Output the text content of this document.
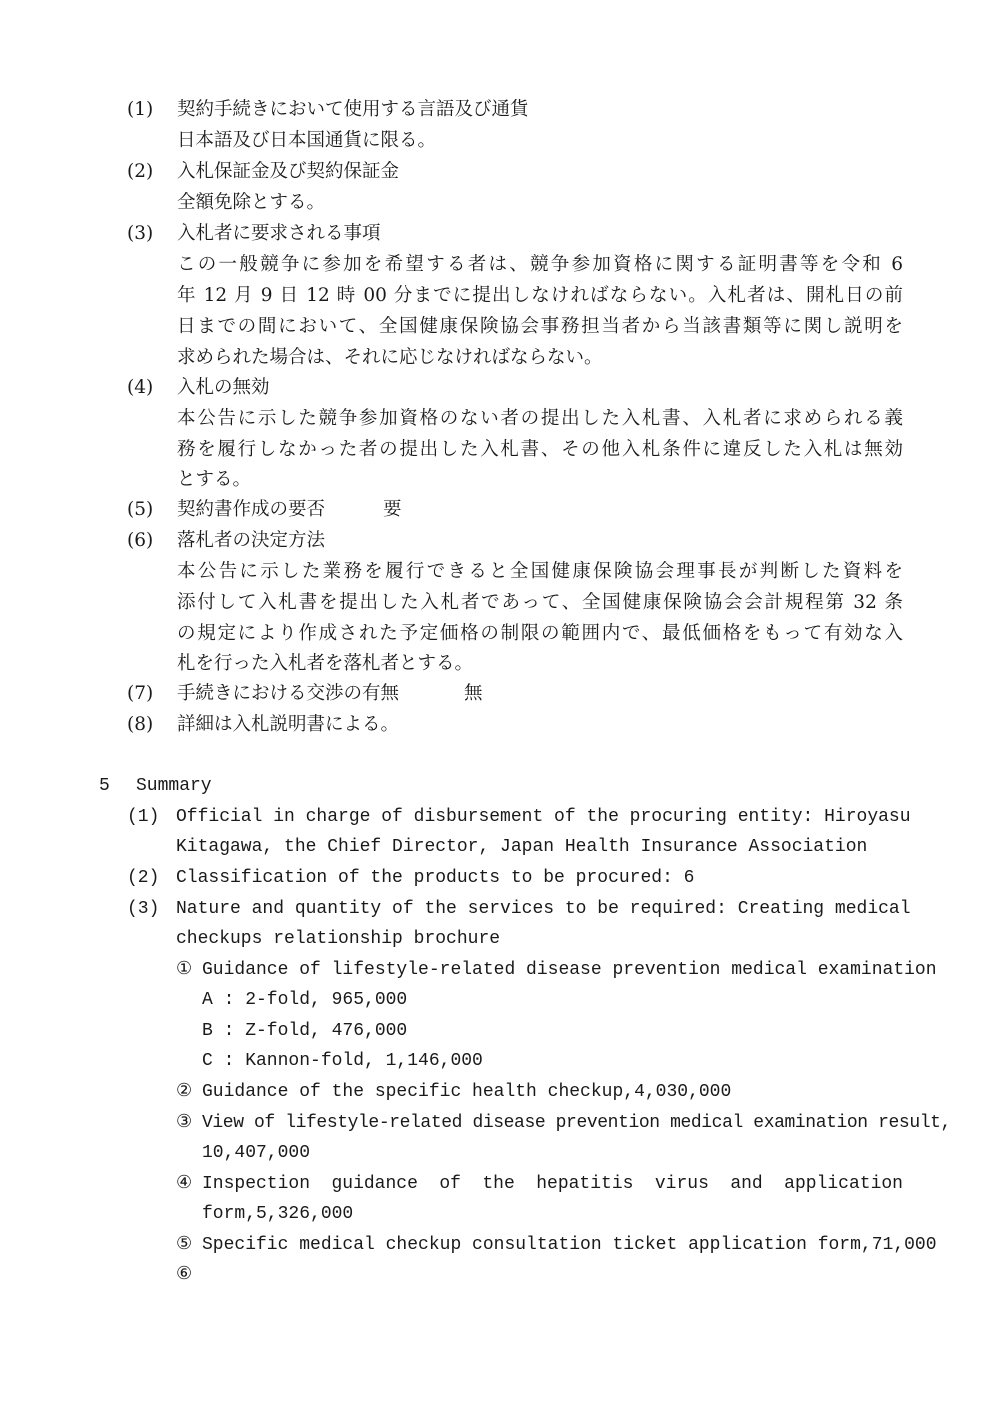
(1) 契約手続きにおいて使用する言語及び通貨
日本語及び日本国通貨に限る。
(2) 入札保証金及び契約保証金
全額免除とする。
(3) 入札者に要求される事項
この一般競争に参加を希望する者は、競争参加資格に関する証明書等を令和 6
年 12 月 9 日 12 時 00 分までに提出しなければならない。入札者は、開札日の前
日までの間において、全国健康保険協会事務担当者から当該書類等に関し説明を
求められた場合は、それに応じなければならない。
(4) 入札の無効
本公告に示した競争参加資格のない者の提出した入札書、入札者に求められる義
務を履行しなかった者の提出した入札書、その他入札条件に違反した入札は無効
とする。
(5) 契約書作成の要否	要
(6) 落札者の決定方法
本公告に示した業務を履行できると全国健康保険協会理事長が判断した資料を
添付して入札書を提出した入札者であって、全国健康保険協会会計規程第 32 条
の規定により作成された予定価格の制限の範囲内で、最低価格をもって有効な入
札を行った入札者を落札者とする。
(7) 手続きにおける交渉の有無	無
(8) 詳細は入札説明書による。
5 Summary
(1) Official in charge of disbursement of the procuring entity: Hiroyasu
Kitagawa, the Chief Director, Japan Health Insurance Association
(2) Classification of the products to be procured: 6
(3) Nature and quantity of the services to be required: Creating medical
checkups relationship brochure
① Guidance of lifestyle-related disease prevention medical examination
A : 2-fold, 965,000
B : Z-fold, 476,000
C : Kannon-fold, 1,146,000
② Guidance of the specific health checkup,4,030,000
③ View of lifestyle-related disease prevention medical examination result,
10,407,000
④ Inspection guidance of the hepatitis virus and application
form,5,326,000
⑤ Specific medical checkup consultation ticket application form,71,000
⑥
